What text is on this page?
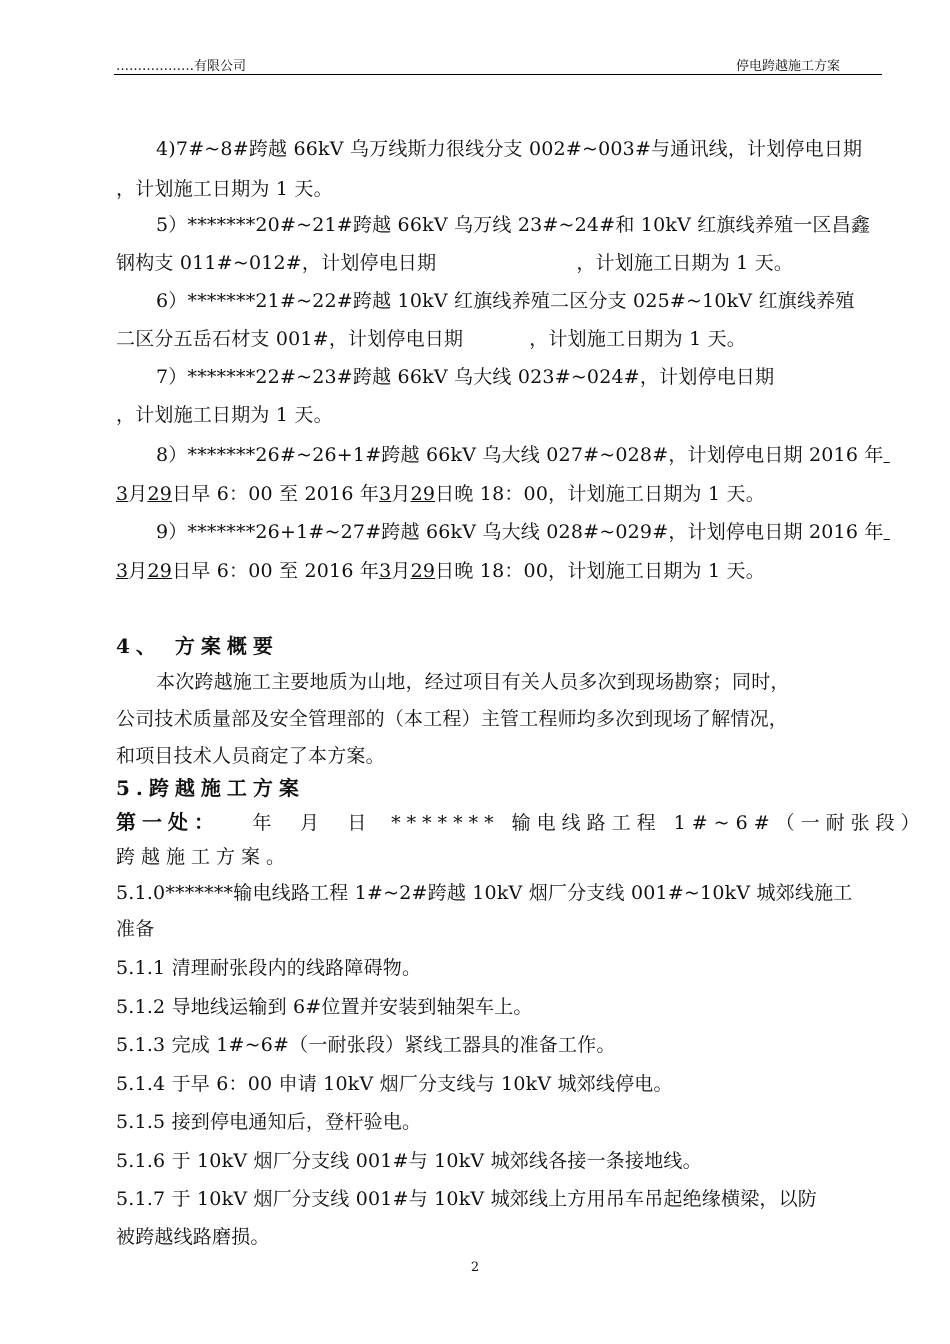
………………有限公司	停电跨越施工方案
4)7#~8#跨越 66kV 乌万线斯力很线分支 002#~003#与通讯线，计划停电日期
，计划施工日期为 1 天。
5）*******20#~21#跨越 66kV 乌万线 23#~24#和 10kV 红旗线养殖一区昌鑫
钢构支 011#~012#，计划停电日期	，计划施工日期为 1 天。
6）*******21#~22#跨越 10kV 红旗线养殖二区分支 025#~10kV 红旗线养殖
二区分五岳石材支 001#，计划停电日期	，计划施工日期为 1 天。
7）*******22#~23#跨越 66kV 乌大线 023#~024#，计划停电日期
，计划施工日期为 1 天。
8）*******26#~26+1#跨越 66kV 乌大线 027#~028#，计划停电日期 2016 年
3月29日早 6：00 至 2016 年3月29日晚 18：00，计划施工日期为 1 天。
9）*******26+1#~27#跨越 66kV 乌大线 028#~029#，计划停电日期 2016 年
3月29日早 6：00 至 2016 年3月29日晚 18：00，计划施工日期为 1 天。
4、 方案概要
本次跨越施工主要地质为山地，经过项目有关人员多次到现场勘察；同时，
公司技术质量部及安全管理部的（本工程）主管工程师均多次到现场了解情况，
和项目技术人员商定了本方案。
5.跨越施工方案
第一处： 年 月 日 ******* 输电线路工程 1#~6#（一耐张段）
跨越施工方案。
5.1.0*******输电线路工程 1#~2#跨越 10kV 烟厂分支线 001#~10kV 城郊线施工
准备
5.1.1 清理耐张段内的线路障碍物。
5.1.2 导地线运输到 6#位置并安装到轴架车上。
5.1.3 完成 1#~6#（一耐张段）紧线工器具的准备工作。
5.1.4 于早 6：00 申请 10kV 烟厂分支线与 10kV 城郊线停电。
5.1.5 接到停电通知后，登杆验电。
5.1.6 于 10kV 烟厂分支线 001#与 10kV 城郊线各接一条接地线。
5.1.7 于 10kV 烟厂分支线 001#与 10kV 城郊线上方用吊车吊起绝缘横梁，以防
被跨越线路磨损。
2
